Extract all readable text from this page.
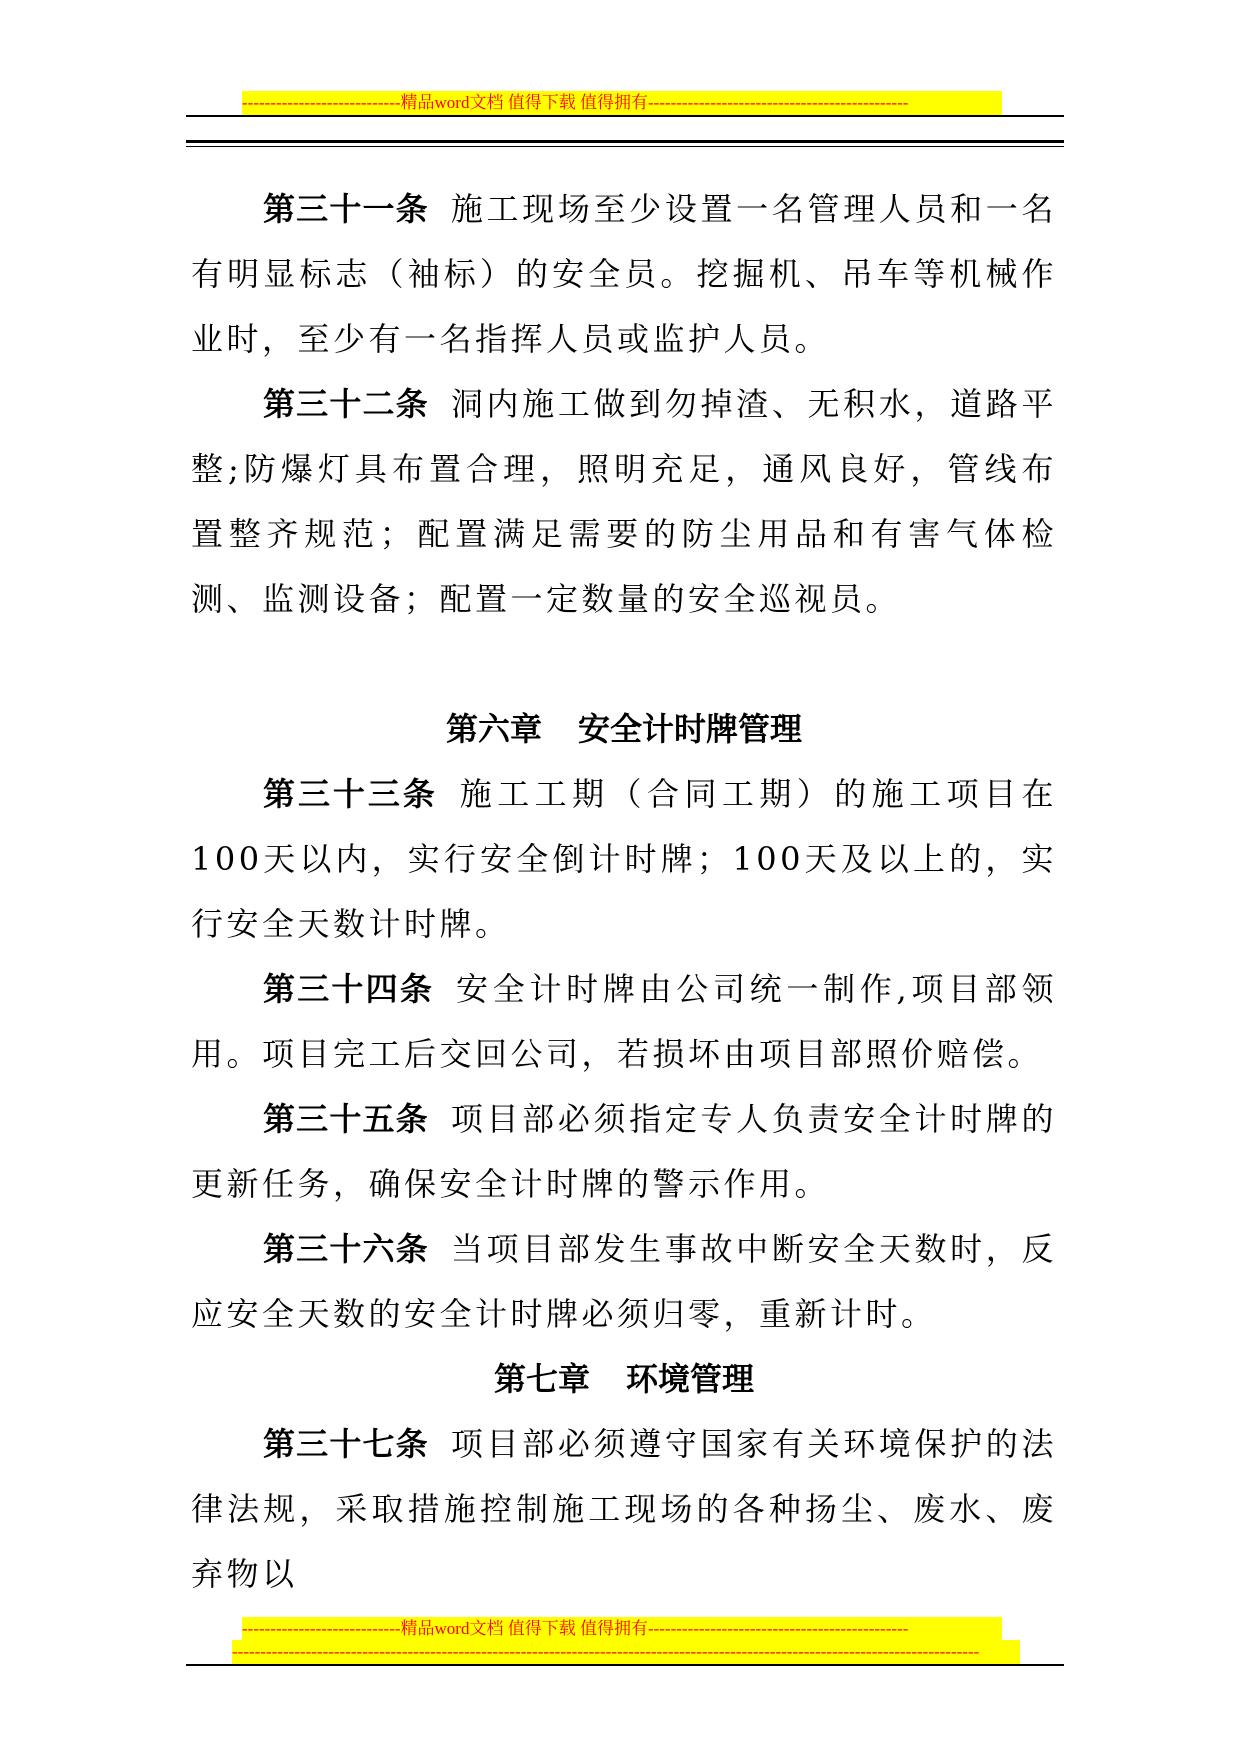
----------------------------精品word文档 值得下载 值得拥有----------------------------------------------

第三十一条 施工现场至少设置一名管理人员和一名有明显标志（袖标）的安全员。挖掘机、吊车等机械作业时，至少有一名指挥人员或监护人员。

第三十二条 洞内施工做到勿掉渣、无积水，道路平整;防爆灯具布置合理，照明充足，通风良好，管线布置整齐规范；配置满足需要的防尘用品和有害气体检测、监测设备；配置一定数量的安全巡视员。

第六章 安全计时牌管理

第三十三条 施工工期（合同工期）的施工项目在100天以内，实行安全倒计时牌；100天及以上的，实行安全天数计时牌。

第三十四条 安全计时牌由公司统一制作,项目部领用。项目完工后交回公司，若损坏由项目部照价赔偿。

第三十五条 项目部必须指定专人负责安全计时牌的更新任务，确保安全计时牌的警示作用。

第三十六条 当项目部发生事故中断安全天数时，反应安全天数的安全计时牌必须归零，重新计时。

第七章 环境管理

第三十七条 项目部必须遵守国家有关环境保护的法律法规，采取措施控制施工现场的各种扬尘、废水、废弃物以

----------------------------精品word文档 值得下载 值得拥有----------------------------------------------
------------------------------------------------------------------------------------------------------------------------------------
